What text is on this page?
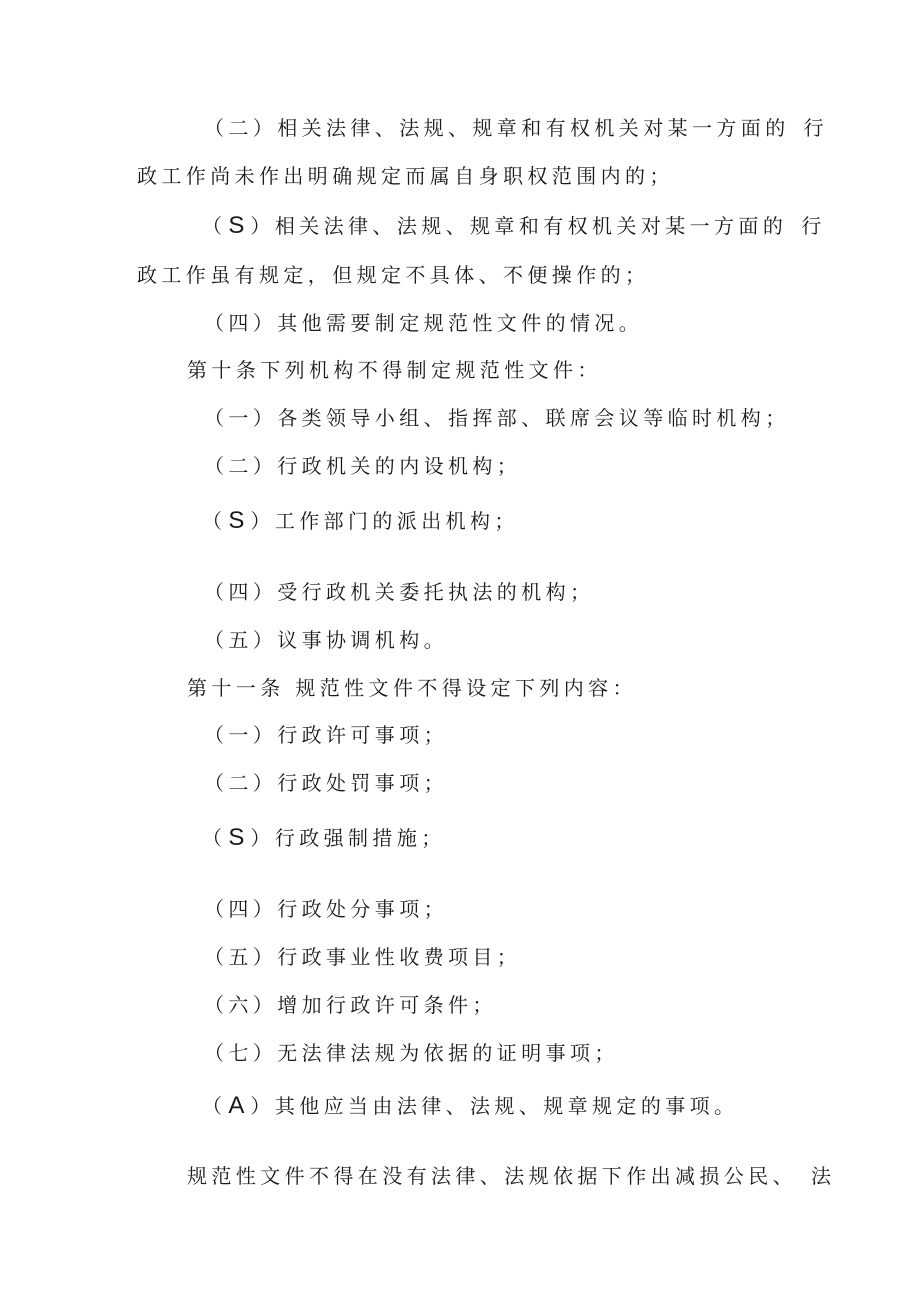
（二）相关法律、法规、规章和有权机关对某一方面的 行

政工作尚未作出明确规定而属自身职权范围内的；

（S ）相关法律、法规、规章和有权机关对某一方面的 行

政工作虽有规定，但规定不具体、不便操作的；

（四）其他需要制定规范性文件的情况。

第十条下列机构不得制定规范性文件：

（一）各类领导小组、指挥部、联席会议等临时机构；

（二）行政机关的内设机构；

（S ）工作部门的派出机构；

（四）受行政机关委托执法的机构；

（五）议事协调机构。

第十一条 规范性文件不得设定下列内容：

（一）行政许可事项；

（二）行政处罚事项；

（S ）行政强制措施；

（四）行政处分事项；

（五）行政事业性收费项目；

（六）增加行政许可条件；

（七）无法律法规为依据的证明事项；

（A ）其他应当由法律、法规、规章规定的事项。

规范性文件不得在没有法律、法规依据下作出减损公民、 法
